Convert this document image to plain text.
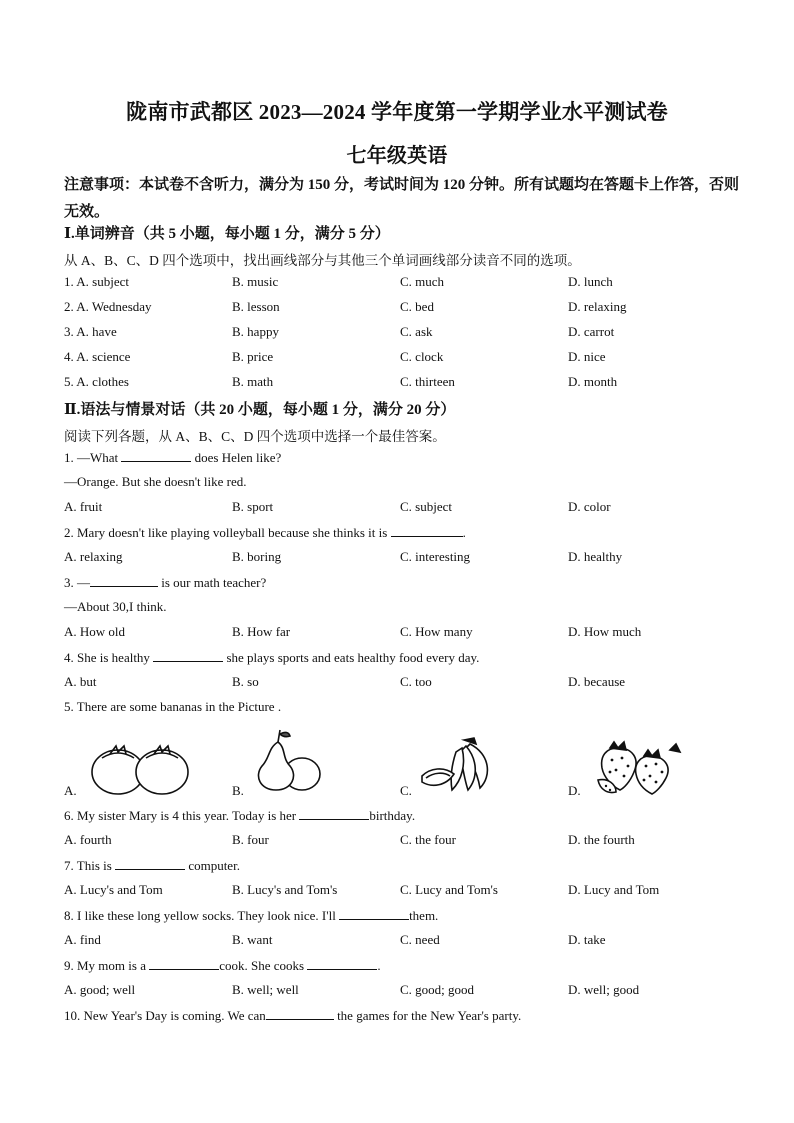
陇南市武都区 2023—2024 学年度第一学期学业水平测试卷
七年级英语
注意事项：本试卷不含听力，满分为 150 分，考试时间为 120 分钟。所有试题均在答题卡上作答，否则无效。
Ⅰ.单词辨音（共 5 小题，每小题 1 分，满分 5 分）
从 A、B、C、D 四个选项中，找出画线部分与其他三个单词画线部分读音不同的选项。
1. A. subject	B. music	C. much	D. lunch
2. A. Wednesday	B. lesson	C. bed	D. relaxing
3. A. have	B. happy	C. ask	D. carrot
4. A. science	B. price	C. clock	D. nice
5. A. clothes	B. math	C. thirteen	D. month
Ⅱ.语法与情景对话（共 20 小题，每小题 1 分，满分 20 分）
阅读下列各题，从 A、B、C、D 四个选项中选择一个最佳答案。
1. —What	does Helen like?
—Orange. But she doesn't like red.
A. fruit	B. sport	C. subject	D. color
2. Mary doesn't like playing volleyball because she thinks it is	.
A. relaxing	B. boring	C. interesting	D. healthy
3. —	is our math teacher?
—About 30,I think.
A. How old	B. How far	C. How many	D. How much
4. She is healthy	she plays sports and eats healthy food every day.
A. but	B. so	C. too	D. because
5. There are some bananas in the Picture .
A.	B.	C.	D.
6. My sister Mary is 4 this year. Today is her	birthday.
A. fourth	B. four	C. the four	D. the fourth
7. This is	computer.
A. Lucy's and Tom	B. Lucy's and Tom's	C. Lucy and Tom's	D. Lucy and Tom
8. I like these long yellow socks. They look nice. I'll	them.
A. find	B. want	C. need	D. take
9. My mom is a	cook. She cooks	.
A. good; well	B. well; well	C. good; good	D. well; good
10. New Year's Day is coming. We can	the games for the New Year's party.
